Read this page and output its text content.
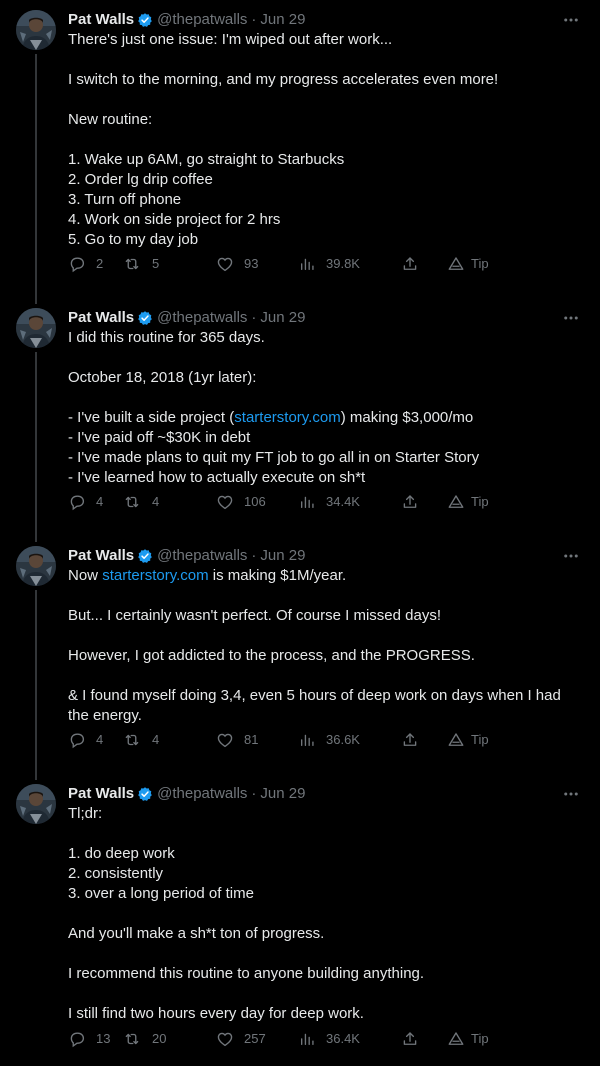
Pat Walls @thepatwalls · Jun 29
There's just one issue: I'm wiped out after work...
I switch to the morning, and my progress accelerates even more!
New routine:
1. Wake up 6AM, go straight to Starbucks
2. Order lg drip coffee
3. Turn off phone
4. Work on side project for 2 hrs
5. Go to my day job
2	5	93	39.8K	Tip
Pat Walls @thepatwalls · Jun 29
I did this routine for 365 days.
October 18, 2018 (1yr later):
- I've built a side project (starterstory.com) making $3,000/mo
- I've paid off ~$30K in debt
- I've made plans to quit my FT job to go all in on Starter Story
- I've learned how to actually execute on sh*t
4	4	106	34.4K	Tip
Pat Walls @thepatwalls · Jun 29
Now starterstory.com is making $1M/year.
But... I certainly wasn't perfect. Of course I missed days!
However, I got addicted to the process, and the PROGRESS.
& I found myself doing 3,4, even 5 hours of deep work on days when I had the energy.
4	4	81	36.6K	Tip
Pat Walls @thepatwalls · Jun 29
Tl;dr:
1. do deep work
2. consistently
3. over a long period of time
And you'll make a sh*t ton of progress.
I recommend this routine to anyone building anything.
I still find two hours every day for deep work.
13	20	257	36.4K	Tip
